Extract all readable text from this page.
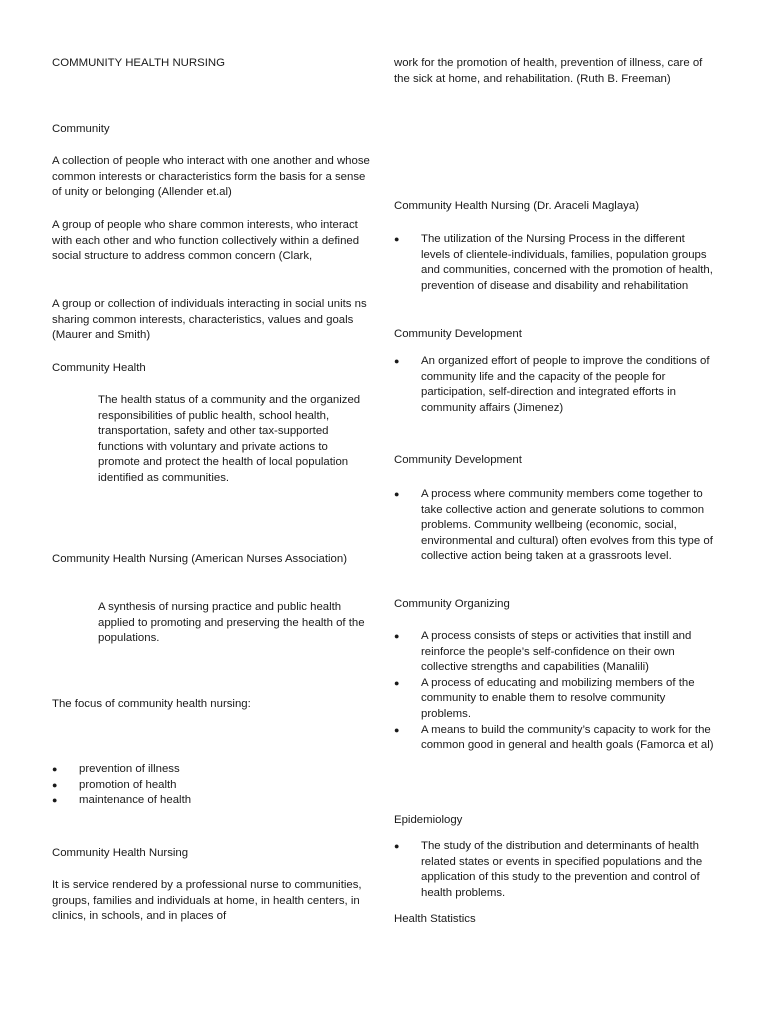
COMMUNITY HEALTH NURSING

Community

A collection of people who interact with one another and whose common interests or characteristics form the basis for a sense of unity or belonging (Allender et.al)

A group of people who share common interests, who interact with each other and who function collectively within a defined social structure to address common concern (Clark,

A group or collection of individuals interacting in social units ns sharing common interests, characteristics, values and goals (Maurer and Smith)

Community Health

The health status of a community and the organized responsibilities of public health, school health, transportation, safety and other tax-supported functions with voluntary and private actions to promote and protect the health of local population identified as communities.

Community Health Nursing (American Nurses Association)

A synthesis of nursing practice and public health applied to promoting and preserving the health of the populations.

The focus of community health nursing:

● prevention of illness
● promotion of health
● maintenance of health

Community Health Nursing

It is service rendered by a professional nurse to communities, groups, families and individuals at home, in health centers, in clinics, in schools, and in places of

work for the promotion of health, prevention of illness, care of the sick at home, and rehabilitation. (Ruth B. Freeman)

Community Health Nursing (Dr. Araceli Maglaya)

● The utilization of the Nursing Process in the different levels of clientele-individuals, families, population groups and communities, concerned with the promotion of health, prevention of disease and disability and rehabilitation

Community Development

● An organized effort of people to improve the conditions of community life and the capacity of the people for participation, self-direction and integrated efforts in community affairs (Jimenez)

Community Development

● A process where community members come together to take collective action and generate solutions to common problems. Community wellbeing (economic, social, environmental and cultural) often evolves from this type of collective action being taken at a grassroots level.

Community Organizing

● A process consists of steps or activities that instill and reinforce the people’s self-confidence on their own collective strengths and capabilities (Manalili)
● A process of educating and mobilizing members of the community to enable them to resolve community problems.
● A means to build the community’s capacity to work for the common good in general and health goals (Famorca et al)

Epidemiology

● The study of the distribution and determinants of health related states or events in specified populations and the application of this study to the prevention and control of health problems.

Health Statistics
